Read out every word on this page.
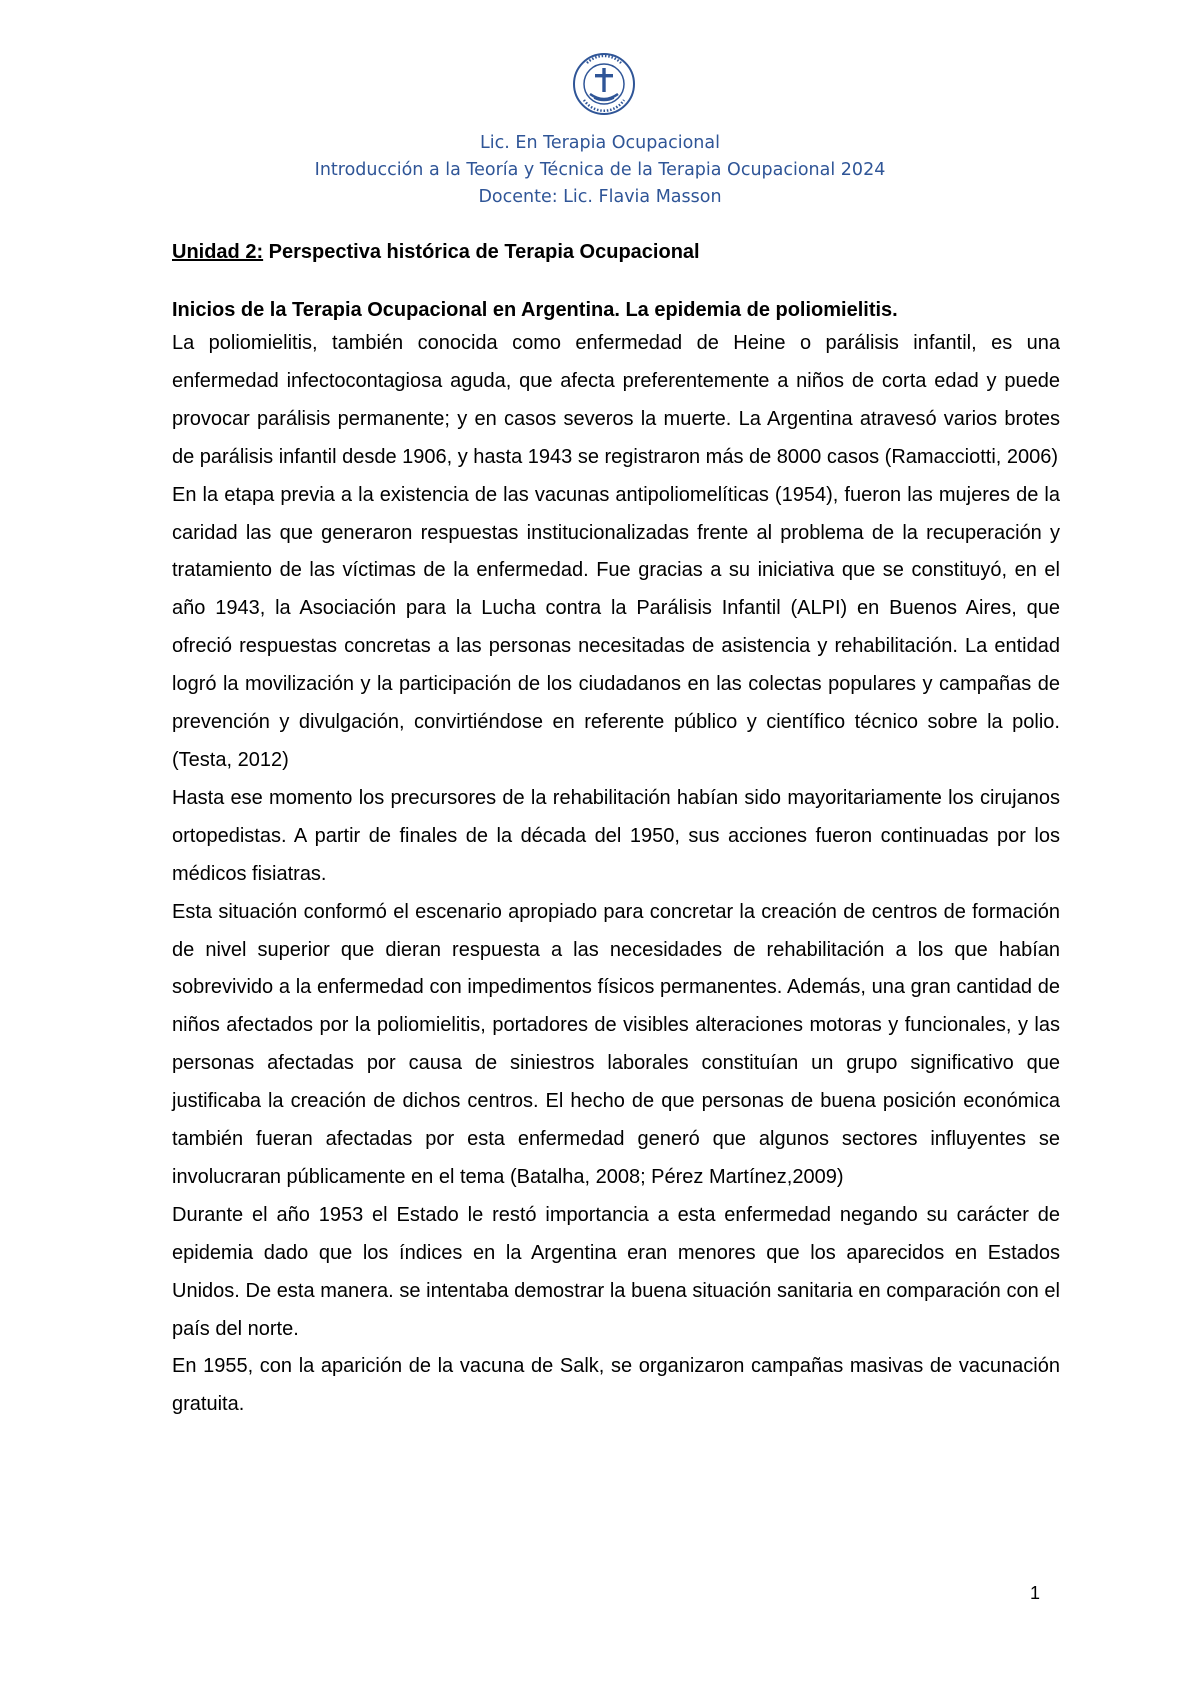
Lic. En Terapia Ocupacional
Introducción a la Teoría y Técnica de la Terapia Ocupacional 2024
Docente: Lic. Flavia Masson

Unidad 2: Perspectiva histórica de Terapia Ocupacional

Inicios de la Terapia Ocupacional en Argentina. La epidemia de poliomielitis.

La poliomielitis, también conocida como enfermedad de Heine o parálisis infantil, es una enfermedad infectocontagiosa aguda, que afecta preferentemente a niños de corta edad y puede provocar parálisis permanente; y en casos severos la muerte. La Argentina atravesó varios brotes de parálisis infantil desde 1906, y hasta 1943 se registraron más de 8000 casos (Ramacciotti, 2006)

En la etapa previa a la existencia de las vacunas antipoliomelíticas (1954), fueron las mujeres de la caridad las que generaron respuestas institucionalizadas frente al problema de la recuperación y tratamiento de las víctimas de la enfermedad. Fue gracias a su iniciativa que se constituyó, en el año 1943, la Asociación para la Lucha contra la Parálisis Infantil (ALPI) en Buenos Aires, que ofreció respuestas concretas a las personas necesitadas de asistencia y rehabilitación. La entidad logró la movilización y la participación de los ciudadanos en las colectas populares y campañas de prevención y divulgación, convirtiéndose en referente público y científico técnico sobre la polio. (Testa, 2012)

Hasta ese momento los precursores de la rehabilitación habían sido mayoritariamente los cirujanos ortopedistas. A partir de finales de la década del 1950, sus acciones fueron continuadas por los médicos fisiatras.

Esta situación conformó el escenario apropiado para concretar la creación de centros de formación de nivel superior que dieran respuesta a las necesidades de rehabilitación a los que habían sobrevivido a la enfermedad con impedimentos físicos permanentes. Además, una gran cantidad de niños afectados por la poliomielitis, portadores de visibles alteraciones motoras y funcionales, y las personas afectadas por causa de siniestros laborales constituían un grupo significativo que justificaba la creación de dichos centros. El hecho de que personas de buena posición económica también fueran afectadas por esta enfermedad generó que algunos sectores influyentes se involucraran públicamente en el tema (Batalha, 2008; Pérez Martínez,2009)

Durante el año 1953 el Estado le restó importancia a esta enfermedad negando su carácter de epidemia dado que los índices en la Argentina eran menores que los aparecidos en Estados Unidos. De esta manera. se intentaba demostrar la buena situación sanitaria en comparación con el país del norte.

En 1955, con la aparición de la vacuna de Salk, se organizaron campañas masivas de vacunación gratuita.

1
